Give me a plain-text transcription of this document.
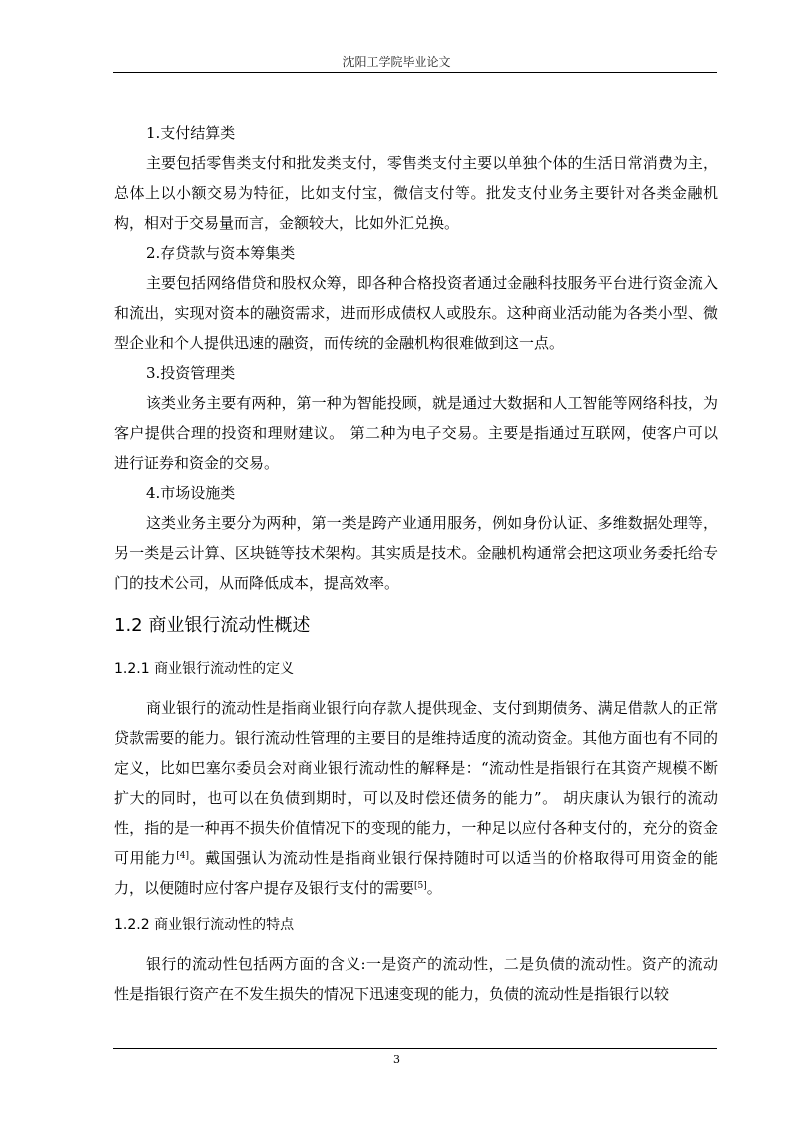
沈阳工学院毕业论文

1.支付结算类

主要包括零售类支付和批发类支付，零售类支付主要以单独个体的生活日常消费为主，总体上以小额交易为特征，比如支付宝，微信支付等。批发支付业务主要针对各类金融机构，相对于交易量而言，金额较大，比如外汇兑换。

2.存贷款与资本筹集类

主要包括网络借贷和股权众筹，即各种合格投资者通过金融科技服务平台进行资金流入和流出，实现对资本的融资需求，进而形成债权人或股东。这种商业活动能为各类小型、微型企业和个人提供迅速的融资，而传统的金融机构很难做到这一点。

3.投资管理类

该类业务主要有两种，第一种为智能投顾，就是通过大数据和人工智能等网络科技，为客户提供合理的投资和理财建议。 第二种为电子交易。主要是指通过互联网，使客户可以进行证券和资金的交易。

4.市场设施类

这类业务主要分为两种，第一类是跨产业通用服务，例如身份认证、多维数据处理等，另一类是云计算、区块链等技术架构。其实质是技术。金融机构通常会把这项业务委托给专门的技术公司，从而降低成本，提高效率。

1.2 商业银行流动性概述
1.2.1 商业银行流动性的定义

商业银行的流动性是指商业银行向存款人提供现金、支付到期债务、满足借款人的正常贷款需要的能力。银行流动性管理的主要目的是维持适度的流动资金。其他方面也有不同的定义，比如巴塞尔委员会对商业银行流动性的解释是：“流动性是指银行在其资产规模不断扩大的同时，也可以在负债到期时，可以及时偿还债务的能力”。 胡庆康认为银行的流动性，指的是一种再不损失价值情况下的变现的能力，一种足以应付各种支付的，充分的资金可用能力[4]。戴国强认为流动性是指商业银行保持随时可以适当的价格取得可用资金的能力，以便随时应付客户提存及银行支付的需要[5]。

1.2.2 商业银行流动性的特点

银行的流动性包括两方面的含义:一是资产的流动性，二是负债的流动性。资产的流动性是指银行资产在不发生损失的情况下迅速变现的能力，负债的流动性是指银行以较

3
